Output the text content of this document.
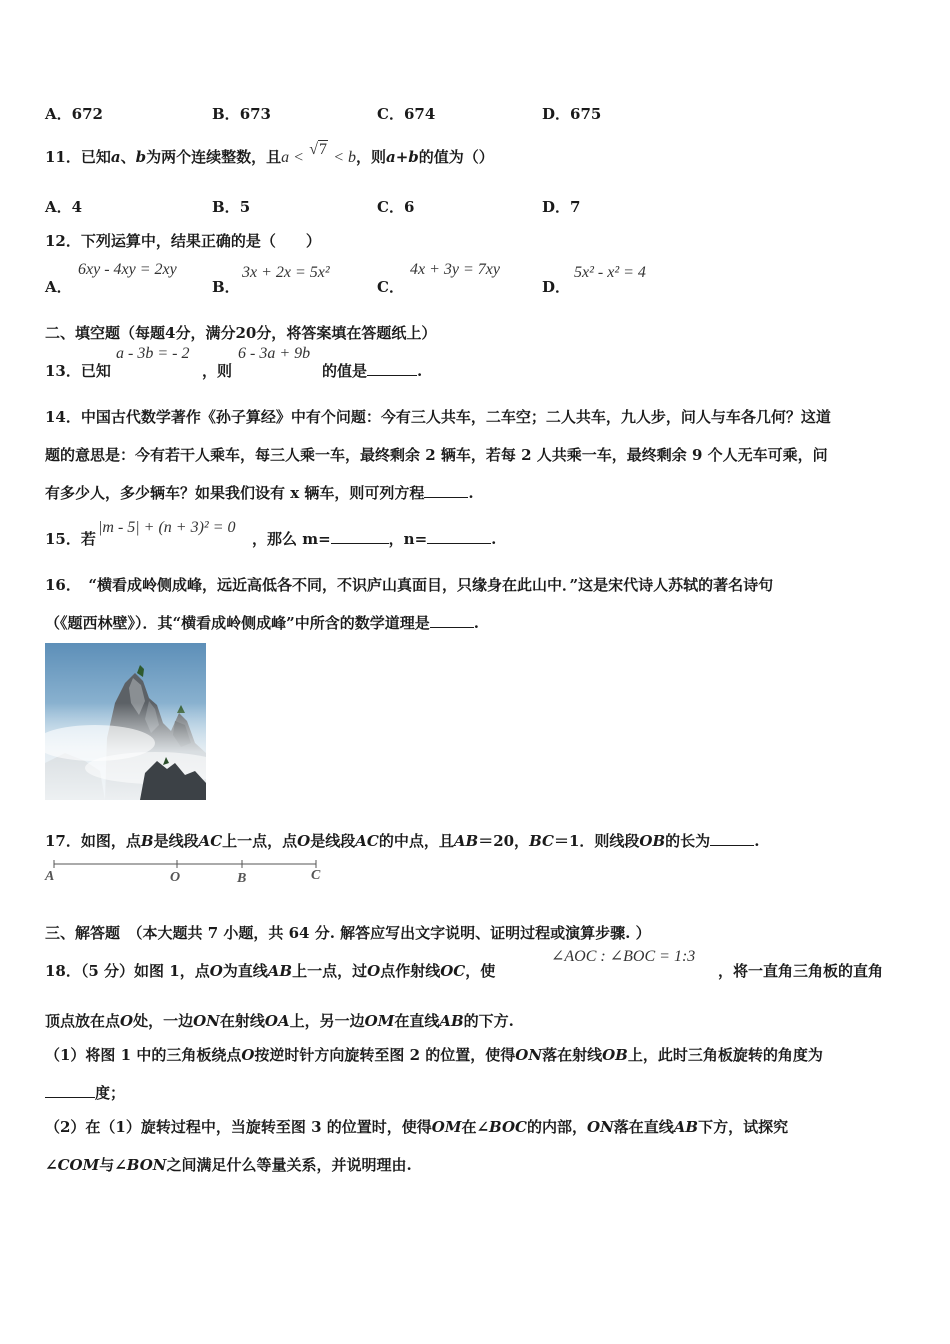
A．672	B．673	C．674	D．675
11．已知a、b为两个连续整数，且a < √7 < b，则a+b的值为（）
A．4	B．5	C．6	D．7
12．下列运算中，结果正确的是（　　）
A．
6xy - 4xy = 2xy
B．
3x + 2x = 5x²
C．
4x + 3y = 7xy
D．
5x² - x² = 4
二、填空题（每题4分，满分20分，将答案填在答题纸上）
13．已知
a - 3b = - 2
，则
6 - 3a + 9b
的值是	.
14．中国古代数学著作《孙子算经》中有个问题：今有三人共车，二车空；二人共车，九人步，问人与车各几何？这道
题的意思是：今有若干人乘车，每三人乘一车，最终剩余 2 辆车，若每 2 人共乘一车，最终剩余 9 个人无车可乘，问
有多少人，多少辆车？如果我们设有 x 辆车，则可列方程	.
15．若
|m - 5| + (n + 3)² = 0
，那么 m=	，n=	.
16．　“横看成岭侧成峰，远近高低各不同，不识庐山真面目，只缘身在此山中．”这是宋代诗人苏轼的著名诗句
（《题西林壁》）．其“横看成岭侧成峰”中所含的数学道理是	.
17．如图，点B是线段AC上一点，点O是线段AC的中点，且AB＝20，BC＝1．则线段OB的长为	.
A	O	B	C
三、解答题　（本大题共 7 小题，共 64 分. 解答应写出文字说明、证明过程或演算步骤. ）
18．（5 分）如图 1，点O为直线AB上一点，过O点作射线OC，使
∠AOC : ∠BOC = 1:3
，将一直角三角板的直角
顶点放在点O处，一边ON在射线OA上，另一边OM在直线AB的下方.
（1）将图 1 中的三角板绕点O按逆时针方向旋转至图 2 的位置，使得ON落在射线OB上，此时三角板旋转的角度为
度；
（2）在（1）旋转过程中，当旋转至图 3 的位置时，使得OM在∠BOC的内部，ON落在直线AB下方，试探究
∠COM与∠BON之间满足什么等量关系，并说明理由.
